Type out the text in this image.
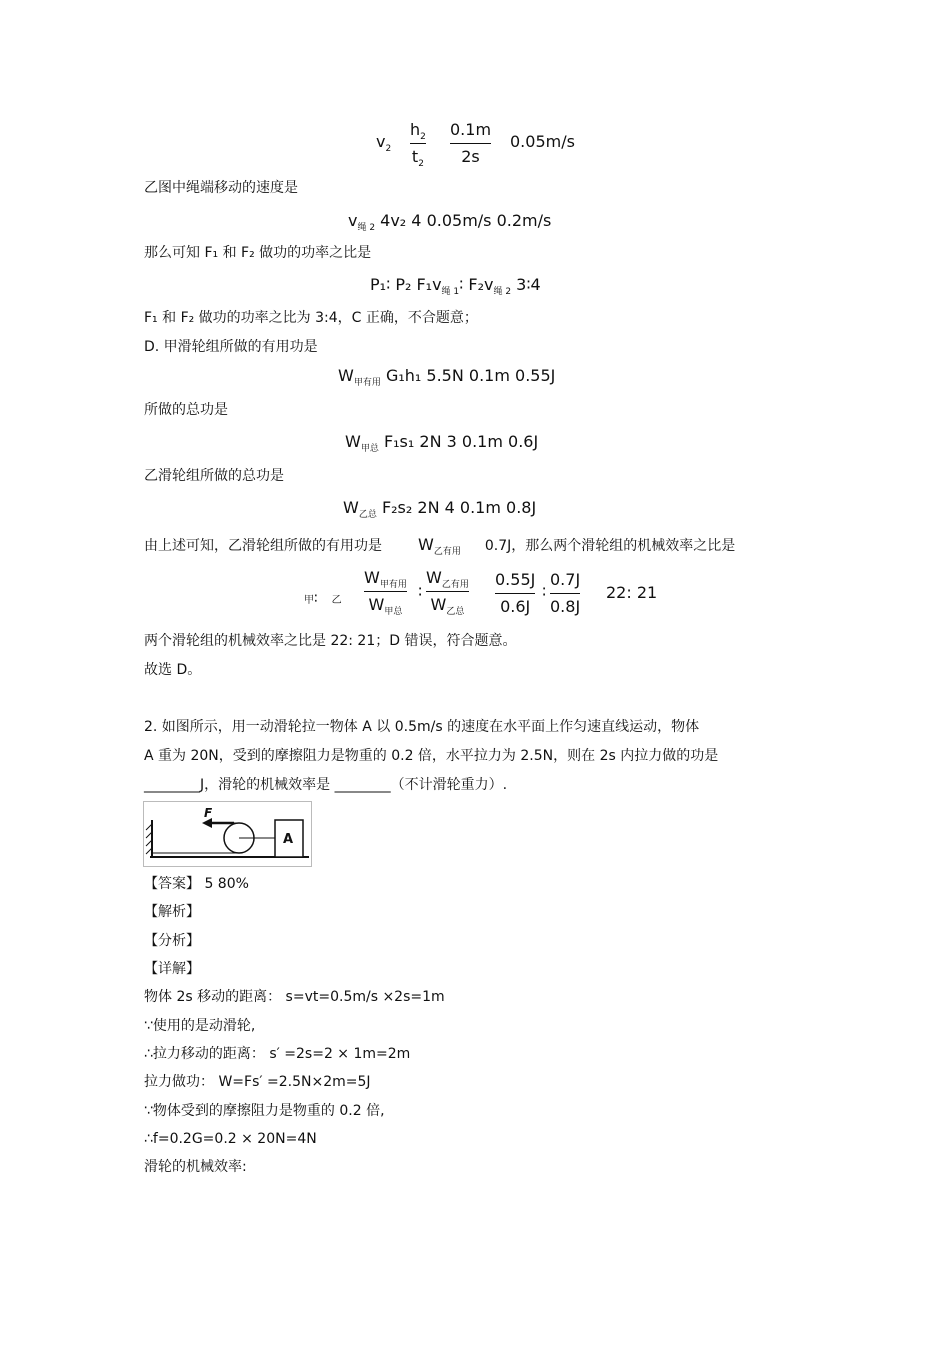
$v_2$
$h_2$
$t_2$
0.1m
2s
0.05m/s
乙图中绳端移动的速度是
$v_{绳 2}$ 4v₂ 4 0.05m/s 0.2m/s
那么可知 F₁ 和 F₂ 做功的功率之比是
P₁∶ P₂ $F_1v_{绳 1}∶$ $F_2v_{绳 2}$ 3∶4
F₁ 和 F₂ 做功的功率之比为 3:4，C 正确，不合题意；
D. 甲滑轮组所做的有用功是
$W_{甲有用}$ G₁h₁ 5.5N 0.1m 0.55J
所做的总功是
$W_{甲总}$ F₁s₁ 2N 3 0.1m 0.6J
乙滑轮组所做的总功是
$W_{乙总}$ F₂s₂ 2N 4 0.1m 0.8J
由上述可知，乙滑轮组所做的有用功是 $W_{乙有用}$ 0.7J，那么两个滑轮组的机械效率之比是
甲∶ 乙
$W_{甲有用}$
$W_{甲总}$
∶
$W_{乙有用}$
$W_{乙总}$
0.55J
0.6J
∶
0.7J
0.8J
22: 21
两个滑轮组的机械效率之比是 22: 21；D 错误，符合题意。
故选 D。
2. 如图所示，用一动滑轮拉一物体 A 以 0.5m/s 的速度在水平面上作匀速直线运动，物体
A 重为 20N，受到的摩擦阻力是物重的 0.2 倍，水平拉力为 2.5N，则在 2s 内拉力做的功是
________J，滑轮的机械效率是 ________（不计滑轮重力）.
F
A
【答案】 5 80%
【解析】
【分析】
【详解】
物体 2s 移动的距离： s=vt=0.5m/s ×2s=1m
∵使用的是动滑轮,
∴拉力移动的距离： s′ =2s=2 × 1m=2m
拉力做功： W=Fs′ =2.5N×2m=5J
∵物体受到的摩擦阻力是物重的 0.2 倍,
∴f=0.2G=0.2 × 20N=4N
滑轮的机械效率:
